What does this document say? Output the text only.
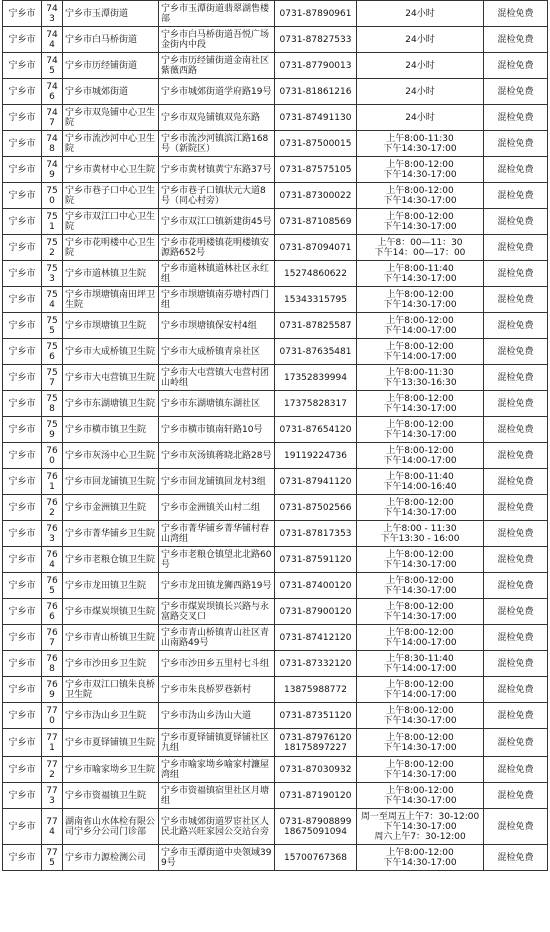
宁乡市	743	宁乡市玉潭街道	宁乡市玉潭街道翡翠湖售楼部	0731-87890961	24小时	混检免费
宁乡市	744	宁乡市白马桥街道	宁乡市白马桥街道吾悦广场金街内中段	0731-87827533	24小时	混检免费
宁乡市	745	宁乡市历经铺街道	宁乡市历经铺街道金南社区紫薇西路	0731-87790013	24小时	混检免费
宁乡市	746	宁乡市城郊街道	宁乡市城郊街道学府路19号	0731-81861216	24小时	混检免费
宁乡市	747	宁乡市双凫铺中心卫生院	宁乡市双凫铺镇双凫东路	0731-87491130	24小时	混检免费
宁乡市	748	宁乡市流沙河中心卫生院	宁乡市流沙河镇滨江路168号（新院区）	0731-87500015	上午8:00-11:30
下午14:30-17:00	混检免费
宁乡市	749	宁乡市黄材中心卫生院	宁乡市黄材镇黄宁东路37号	0731-87575105	上午8:00-12:00
下午14:30-17:00	混检免费
宁乡市	750	宁乡市巷子口中心卫生院	宁乡市巷子口镇状元大道8号（同心村旁）	0731-87300022	上午8:00-12:00
下午14:30-17:00	混检免费
宁乡市	751	宁乡市双江口中心卫生院	宁乡市双江口镇新建街45号	0731-87108569	上午8:00-12:00
下午14:30-17:00	混检免费
宁乡市	752	宁乡市花明楼中心卫生院	宁乡市花明楼镇花明楼镇安源路652号	0731-87094071	上午8：00—11：30
下午14：00—17：00	混检免费
宁乡市	753	宁乡市道林镇卫生院	宁乡市道林镇道林社区永红组	15274860622	上午8:00-11:40
下午14:30-17:00	混检免费
宁乡市	754	宁乡市坝塘镇南田坪卫生院	宁乡市坝塘镇南芬塘村西门组	15343315795	上午8:00-12:00
下午14:30-17:00	混检免费
宁乡市	755	宁乡市坝塘镇卫生院	宁乡市坝塘镇保安村4组	0731-87825587	上午8:00-12:00
下午14:00-17:00	混检免费
宁乡市	756	宁乡市大成桥镇卫生院	宁乡市大成桥镇青泉社区	0731-87635481	上午8:00-12:00
下午14:00-17:00	混检免费
宁乡市	757	宁乡市大屯营镇卫生院	宁乡市大屯营镇大屯营村团山岭组	17352839994	上午8:00-11:30
下午13:30-16:30	混检免费
宁乡市	758	宁乡市东湖塘镇卫生院	宁乡市东湖塘镇东湖社区	17375828317	上午8:00-12:00
下午14:30-17:00	混检免费
宁乡市	759	宁乡市横市镇卫生院	宁乡市横市镇南轩路10号	0731-87654120	上午8:00-12:00
下午14:30-17:00	混检免费
宁乡市	760	宁乡市灰汤中心卫生院	宁乡市灰汤镇蒋晓北路28号	19119224736	上午8:00-12:00
下午14:00-17:00	混检免费
宁乡市	761	宁乡市回龙铺镇卫生院	宁乡市回龙铺镇回龙村3组	0731-87941120	上午8:00-11:40
下午14:00-16:40	混检免费
宁乡市	762	宁乡市金洲镇卫生院	宁乡市金洲镇关山村二组	0731-87502566	上午8:00-12:00
下午14:30-17:00	混检免费
宁乡市	763	宁乡市菁华铺乡卫生院	宁乡市菁华铺乡菁华铺村春山湾组	0731-87817353	上午8:00 - 11:30
下午13:30 - 16:00	混检免费
宁乡市	764	宁乡市老粮仓镇卫生院	宁乡市老粮仓镇望北北路60号	0731-87591120	上午8:00-12:00
下午14:30-17:00	混检免费
宁乡市	765	宁乡市龙田镇卫生院	宁乡市龙田镇龙狮西路19号	0731-87400120	上午8:00-12:00
下午14:30-17:00	混检免费
宁乡市	766	宁乡市煤炭坝镇卫生院	宁乡市煤炭坝镇长兴路与永富路交叉口	0731-87900120	上午8:00-12:00
下午14:30-17:00	混检免费
宁乡市	767	宁乡市青山桥镇卫生院	宁乡市青山桥镇青山社区青山南路49号	0731-87412120	上午8:00-12:00
下午14:00-17:00	混检免费
宁乡市	768	宁乡市沙田乡卫生院	宁乡市沙田乡五里村七斗组	0731-87332120	上午8:30-11:40
下午14:00-17:00	混检免费
宁乡市	769	宁乡市双江口镇朱良桥卫生院	宁乡市朱良桥罗巷新村	13875988772	上午8:00-12:00
下午14:00-17:00	混检免费
宁乡市	770	宁乡市沩山乡卫生院	宁乡市沩山乡沩山大道	0731-87351120	上午8:00-12:00
下午14:30-17:00	混检免费
宁乡市	771	宁乡市夏铎铺镇卫生院	宁乡市夏铎铺镇夏铎铺社区九组	0731-87976120
18175897227	上午8:00-12:00
下午14:30-17:00	混检免费
宁乡市	772	宁乡市喻家坳乡卫生院	宁乡市喻家坳乡喻家村濂屋湾组	0731-87030932	上午8:00-12:00
下午14:30-17:00	混检免费
宁乡市	773	宁乡市资福镇卫生院	宁乡市资福镇宿里社区月塘组	0731-87190120	上午8:00-12:00
下午14:30-17:00	混检免费
宁乡市	774	湖南省山水体检有限公司宁乡分公司门诊部	宁乡市城郊街道罗宦社区人民北路兴旺家园公交站台旁	0731-87908899
18675091094	周一至周五上午7：30-12:00
下午14:30-17:00
周六上午7：30-12:00	混检免费
宁乡市	775	宁乡市力源检测公司	宁乡市玉潭街道中央领域399号	15700767368	上午8:00-12:00
下午14:30-17:00	混检免费
